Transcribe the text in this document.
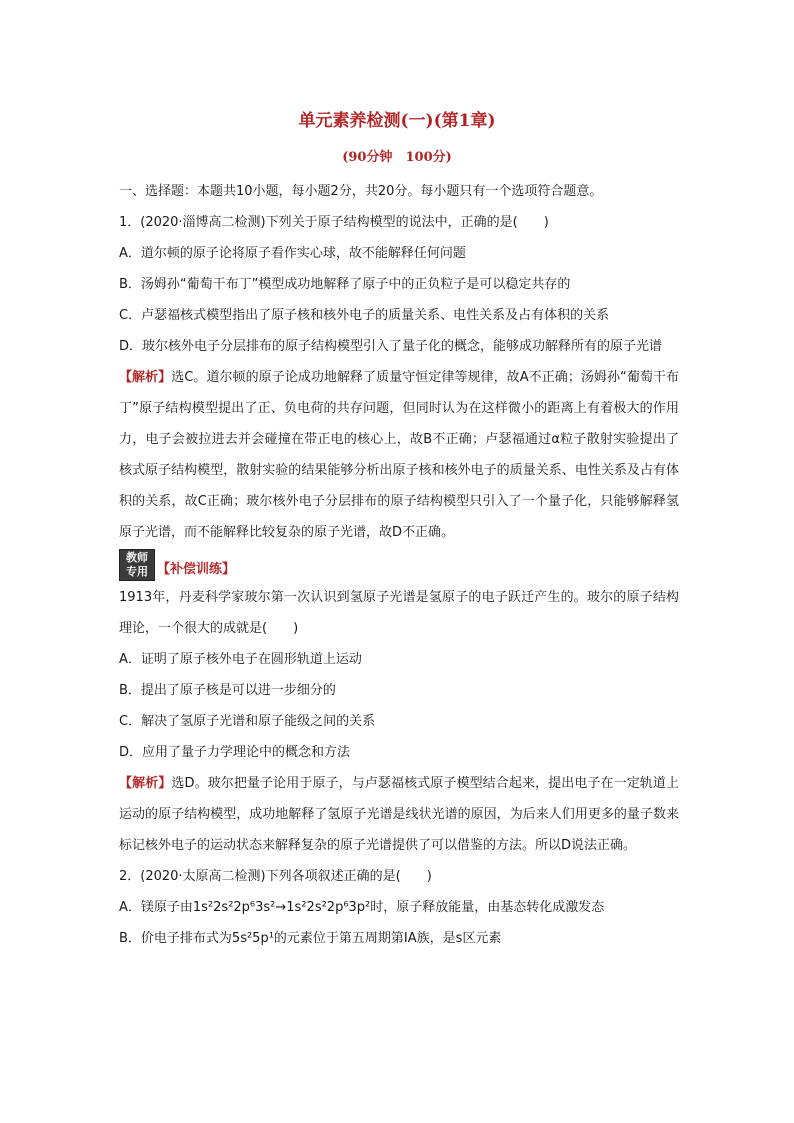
单元素养检测(一)(第1章)
(90分钟　100分)

一、选择题：本题共10小题，每小题2分，共20分。每小题只有一个选项符合题意。

1．(2020·淄博高二检测)下列关于原子结构模型的说法中，正确的是(　　)

A．道尔顿的原子论将原子看作实心球，故不能解释任何问题

B．汤姆孙“葡萄干布丁”模型成功地解释了原子中的正负粒子是可以稳定共存的

C．卢瑟福核式模型指出了原子核和核外电子的质量关系、电性关系及占有体积的关系

D．玻尔核外电子分层排布的原子结构模型引入了量子化的概念，能够成功解释所有的原子光谱

【解析】选C。道尔顿的原子论成功地解释了质量守恒定律等规律，故A不正确；汤姆孙“葡萄干布丁”原子结构模型提出了正、负电荷的共存问题，但同时认为在这样微小的距离上有着极大的作用力，电子会被拉进去并会碰撞在带正电的核心上，故B不正确；卢瑟福通过α粒子散射实验提出了核式原子结构模型，散射实验的结果能够分析出原子核和核外电子的质量关系、电性关系及占有体积的关系，故C正确；玻尔核外电子分层排布的原子结构模型只引入了一个量子化，只能够解释氢原子光谱，而不能解释比较复杂的原子光谱，故D不正确。

教师
专用 【补偿训练】

1913年，丹麦科学家玻尔第一次认识到氢原子光谱是氢原子的电子跃迁产生的。玻尔的原子结构理论，一个很大的成就是(　　)

A．证明了原子核外电子在圆形轨道上运动

B．提出了原子核是可以进一步细分的

C．解决了氢原子光谱和原子能级之间的关系

D．应用了量子力学理论中的概念和方法

【解析】选D。玻尔把量子论用于原子，与卢瑟福核式原子模型结合起来，提出电子在一定轨道上运动的原子结构模型，成功地解释了氢原子光谱是线状光谱的原因，为后来人们用更多的量子数来标记核外电子的运动状态来解释复杂的原子光谱提供了可以借鉴的方法。所以D说法正确。

2．(2020·太原高二检测)下列各项叙述正确的是(　　)

A．镁原子由1s²2s²2p⁶3s²→1s²2s²2p⁶3p²时，原子释放能量，由基态转化成激发态

B．价电子排布式为5s²5p¹的元素位于第五周期第ⅠA族，是s区元素
